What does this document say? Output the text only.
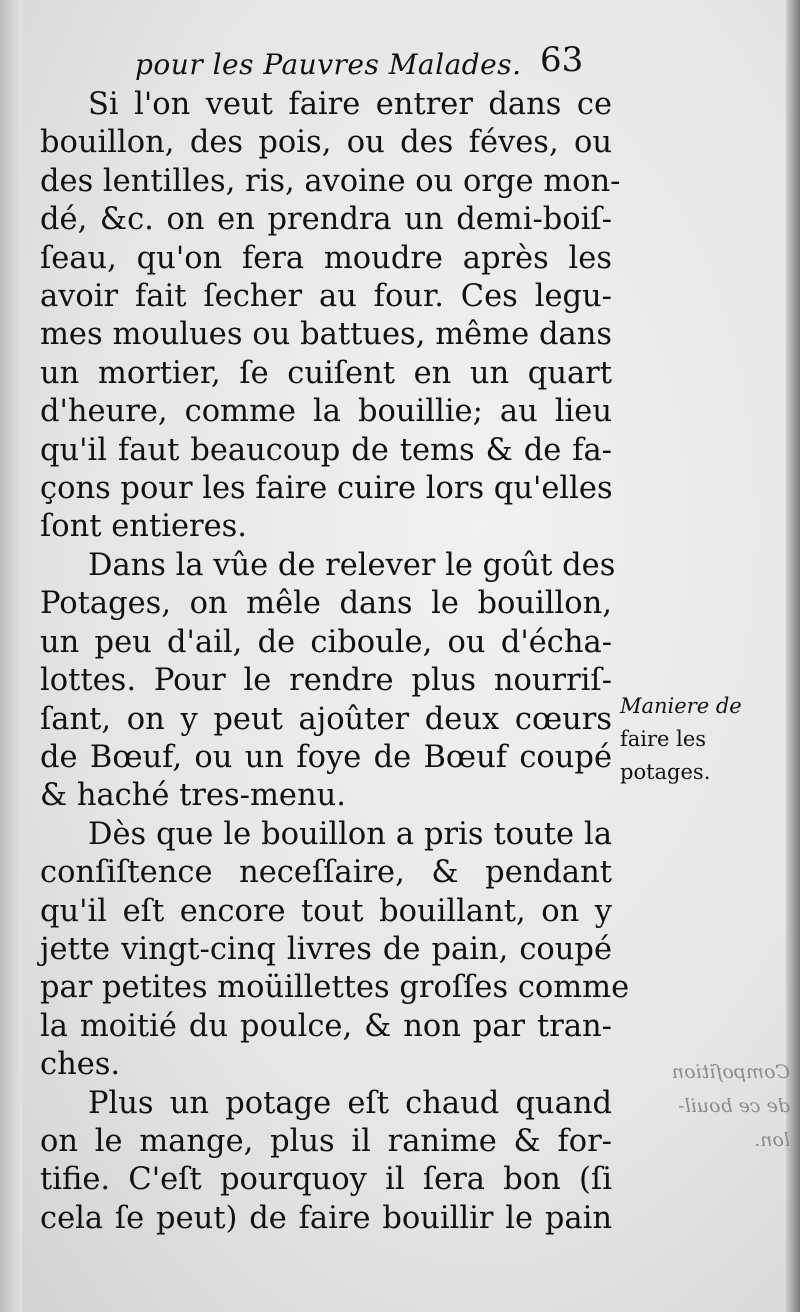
pour les Pauvres Malades. 63
Si l'on veut faire entrer dans ce
bouillon, des pois, ou des féves, ou
des lentilles, ris, avoine ou orge mon-
dé, &c. on en prendra un demi-boiſ-
ſeau, qu'on fera moudre après les
avoir fait ſecher au four. Ces legu-
mes moulues ou battues, même dans
un mortier, ſe cuiſent en un quart
d'heure, comme la bouillie; au lieu
qu'il faut beaucoup de tems & de fa-
çons pour les faire cuire lors qu'elles
ſont entieres.
Dans la vûe de relever le goût des
Potages, on mêle dans le bouillon,
un peu d'ail, de ciboule, ou d'écha-
lottes. Pour le rendre plus nourriſ-
ſant, on y peut ajoûter deux cœurs
de Bœuf, ou un foye de Bœuf coupé
& haché tres-menu.
Dès que le bouillon a pris toute la
conſiſtence neceſſaire, & pendant
qu'il eſt encore tout bouillant, on y
jette vingt-cinq livres de pain, coupé
par petites moüillettes groſſes comme
la moitié du poulce, & non par tran-
ches.
Plus un potage eſt chaud quand
on le mange, plus il ranime & for-
tifie. C'eſt pourquoy il ſera bon (ſi
cela ſe peut) de faire bouillir le pain
Maniere de
faire les
potages.
Compoſition
de ce bouil-
lon.
